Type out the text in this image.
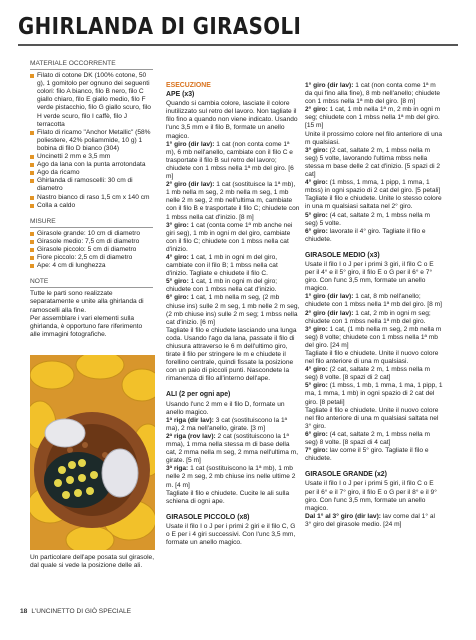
GHIRLANDA DI GIRASOLI

MATERIALE OCCORRENTE

Filato di cotone DK (100% cotone, 50 g), 1 gomitolo per ognuno dei seguenti colori: filo A bianco, filo B nero, filo C giallo chiaro, filo E giallo medio, filo F verde pistacchio, filo G giallo scuro, filo H verde scuro, filo I caffè, filo J terracotta

Filato di ricamo "Anchor Metallic" (58% poliestere, 42% poliammide, 10 g) 1 bobina di filo D bianco (304)

Uncinetti 2 mm e 3,5 mm

Ago da lana con la punta arrotondata

Ago da ricamo

Ghirlanda di ramoscelli: 30 cm di diametro

Nastro bianco di raso 1,5 cm x 140 cm

Colla a caldo

MISURE

Girasole grande: 10 cm di diametro

Girasole medio: 7,5 cm di diametro

Girasole piccolo: 5 cm di diametro

Fiore piccolo: 2,5 cm di diametro

Ape: 4 cm di lunghezza

NOTE

Tutte le parti sono realizzate separatamente e unite alla ghirlanda di ramoscelli alla fine.

Per assemblare i vari elementi sulla ghirlanda, è opportuno fare riferimento alle immagini fotografiche.

Un particolare dell'ape posata sul girasole, dal quale si vede la posizione delle ali.

ESECUZIONE

APE (x3)

Quando si cambia colore, lasciate il colore inutilizzato sul retro del lavoro. Non tagliate il filo fino a quando non viene indicato. Usando l'unc 3,5 mm e il filo B, formate un anello magico.

1° giro (dir lav): 1 cat (non conta come 1ª m), 6 mb nell'anello, cambiate con il filo C e trasportate il filo B sul retro del lavoro; chiudete con 1 mbss nella 1ª mb del giro. [6 m]

2° giro (dir lav): 1 cat (sostituisce la 1ª mb), 1 mb nella m seg, 2 mb nella m seg, 1 mb nelle 2 m seg, 2 mb nell'ultima m, cambiate con il filo B e trasportate il filo C; chiudete con 1 mbss nella cat d'inizio. [8 m]

3° giro: 1 cat (conta come 1ª mb anche nei giri seg), 1 mb in ogni m del giro, cambiate con il filo C; chiudete con 1 mbss nella cat d'inizio.

4° giro: 1 cat, 1 mb in ogni m del giro, cambiate con il filo B; 1 mbss nella cat d'inizio. Tagliate e chiudete il filo C.

5° giro: 1 cat, 1 mb in ogni m del giro; chiudete con 1 mbss nella cat d'inizio.

6° giro: 1 cat, 1 mb nella m seg, (2 mb chiuse ins) sulle 2 m seg, 1 mb nelle 2 m seg, (2 mb chiuse ins) sulle 2 m seg; 1 mbss nella cat d'inizio. [6 m]

Tagliate il filo e chiudete lasciando una lunga coda. Usando l'ago da lana, passate il filo di chiusura attraverso le 6 m dell'ultimo giro, tirate il filo per stringere le m e chiudete il forellino centrale, quindi fissate la posizione con un paio di piccoli punti. Nascondete la rimanenza di filo all'interno dell'ape.

ALI (2 per ogni ape)

Usando l'unc 2 mm e il filo D, formate un anello magico.

1ª riga (dir lav): 3 cat (sostituiscono la 1ª ma), 2 ma nell'anello, girate. [3 m]

2ª riga (rov lav): 2 cat (sostituiscono la 1ª mma), 1 mma nella stessa m di base della cat, 2 mma nella m seg, 2 mma nell'ultima m, girate. [5 m]

3ª riga: 1 cat (sostituiscono la 1ª mb), 1 mb nelle 2 m seg, 2 mb chiuse ins nelle ultime 2 m. [4 m]

Tagliate il filo e chiudete. Cucite le ali sulla schiena di ogni ape.

GIRASOLE PICCOLO (x8)

Usate il filo I o J per i primi 2 giri e il filo C, G o E per i 4 giri successivi. Con l'unc 3,5 mm, formate un anello magico.

1° giro (dir lav): 1 cat (non conta come 1ª m da qui fino alla fine), 8 mb nell'anello; chiudete con 1 mbss nella 1ª mb del giro. [8 m]

2° giro: 1 cat, 1 mb nella 1ª m, 2 mb in ogni m seg; chiudete con 1 mbss nella 1ª mb del giro. [15 m]

Unite il prossimo colore nel filo anteriore di una m qualsiasi.

3° giro: (2 cat, saltate 2 m, 1 mbss nella m seg) 5 volte, lavorando l'ultima mbss nella stessa m base delle 2 cat d'inizio. [5 spazi di 2 cat]

4° giro: (1 mbss, 1 mma, 1 pipp, 1 mma, 1 mbss) in ogni spazio di 2 cat del giro. [5 petali]

Tagliate il filo e chiudete. Unite lo stesso colore in una m qualsiasi saltata nel 2° giro.

5° giro: (4 cat, saltate 2 m, 1 mbss nella m seg) 5 volte.

6° giro: lavorate il 4° giro. Tagliate il filo e chiudete.

GIRASOLE MEDIO (x3)

Usate il filo I o J per i primi 3 giri, il filo C o E per il 4° e il 5° giro, il filo E o G per il 6° e 7° giro. Con l'unc 3,5 mm, formate un anello magico.

1° giro (dir lav): 1 cat, 8 mb nell'anello; chiudete con 1 mbss nella 1ª mb del giro. [8 m]

2° giro (dir lav): 1 cat, 2 mb in ogni m seg; chiudete con 1 mbss nella 1ª mb del giro.

3° giro: 1 cat, (1 mb nella m seg, 2 mb nella m seg) 8 volte; chiudete con 1 mbss nella 1ª mb del giro. [24 m]

Tagliate il filo e chiudete. Unite il nuovo colore nel filo anteriore di una m qualsiasi.

4° giro: (2 cat, saltate 2 m, 1 mbss nella m seg) 8 volte. [8 spazi di 2 cat]

5° giro: (1 mbss, 1 mb, 1 mma, 1 ma, 1 pipp, 1 ma, 1 mma, 1 mb) in ogni spazio di 2 cat del giro. [8 petali]

Tagliate il filo e chiudete. Unite il nuovo colore nel filo anteriore di una m qualsiasi saltata nel 3° giro.

6° giro: (4 cat, saltate 2 m, 1 mbss nella m seg) 8 volte. [8 spazi di 4 cat]

7° giro: lav come il 5° giro. Tagliate il filo e chiudete.

GIRASOLE GRANDE (x2)

Usate il filo I o J per i primi 5 giri, il filo C o E per il 6° e il 7° giro, il filo E o G per il 8° e il 9° giro. Con l'unc 3,5 mm, formate un anello magico.

Dal 1° al 3° giro (dir lav): lav come dal 1° al 3° giro del girasole medio. [24 m]

18 L'UNCINETTO DI GIÒ SPECIALE
